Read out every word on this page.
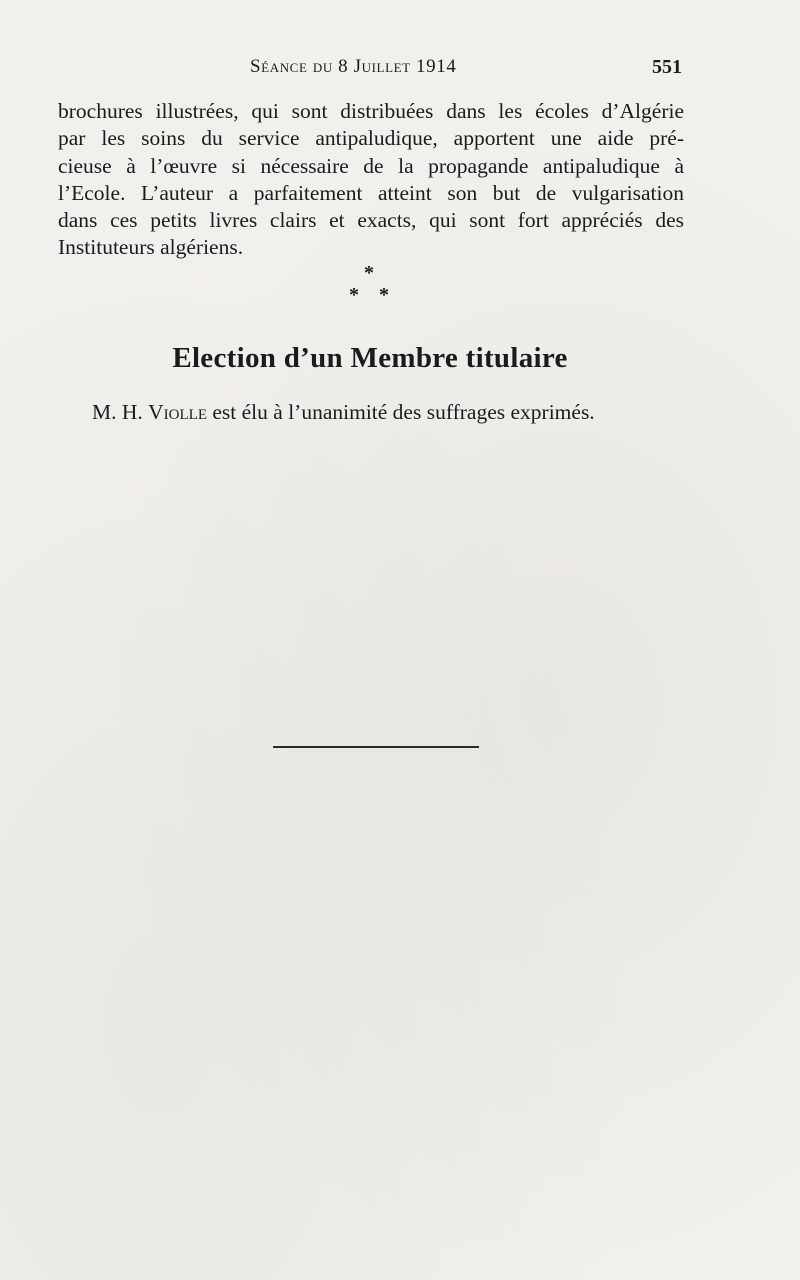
Séance du 8 Juillet 1914	551
brochures illustrées, qui sont distribuées dans les écoles d’Algérie
par les soins du service antipaludique, apportent une aide pré-
cieuse à l’œuvre si nécessaire de la propagande antipaludique à
l’Ecole. L’auteur a parfaitement atteint son but de vulgarisation
dans ces petits livres clairs et exacts, qui sont fort appréciés des
Instituteurs algériens.
*
* *
Election d’un Membre titulaire
M. H. Violle est élu à l’unanimité des suffrages exprimés.
